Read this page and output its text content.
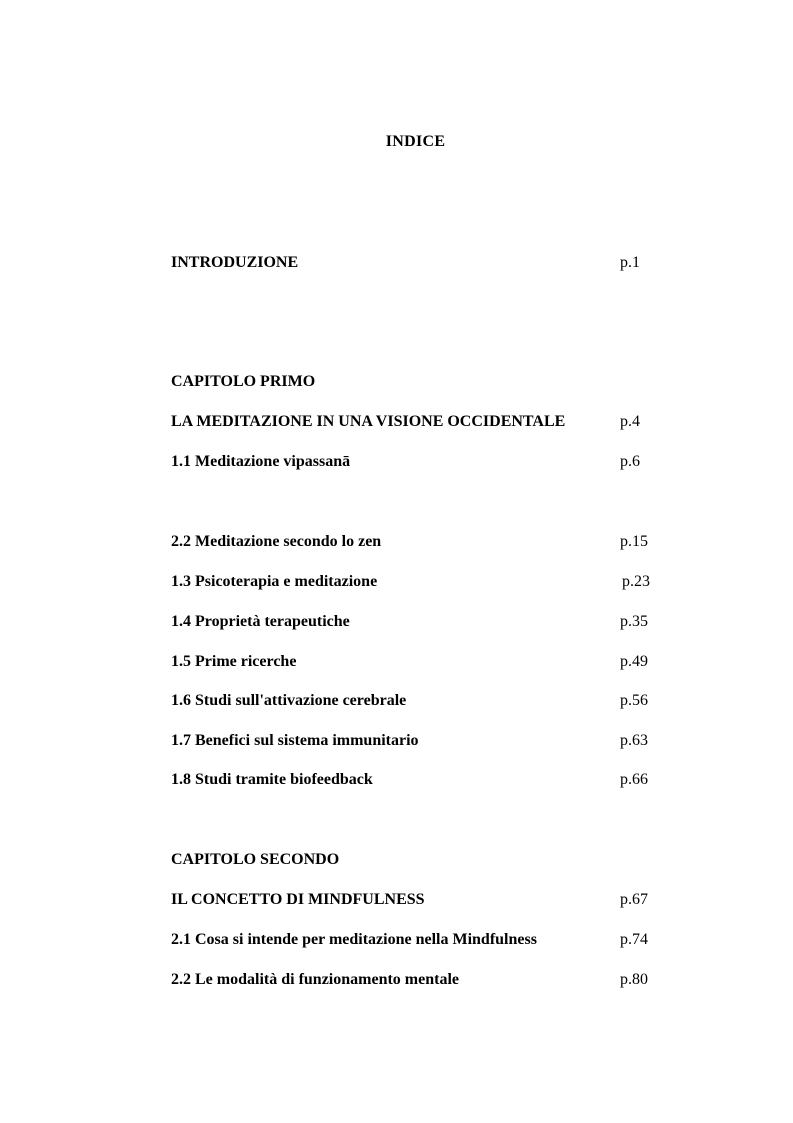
INDICE
INTRODUZIONE	p.1
CAPITOLO PRIMO
LA MEDITAZIONE IN UNA VISIONE OCCIDENTALE	p.4
1.1 Meditazione vipassanā	p.6
2.2 Meditazione secondo lo zen	p.15
1.3 Psicoterapia e meditazione	p.23
1.4 Proprietà terapeutiche	p.35
1.5 Prime ricerche	p.49
1.6 Studi sull'attivazione cerebrale	p.56
1.7 Benefici sul sistema immunitario	p.63
1.8 Studi tramite biofeedback	p.66
CAPITOLO SECONDO
IL CONCETTO DI MINDFULNESS	p.67
2.1 Cosa si intende per meditazione nella Mindfulness	p.74
2.2 Le modalità di funzionamento mentale	p.80
